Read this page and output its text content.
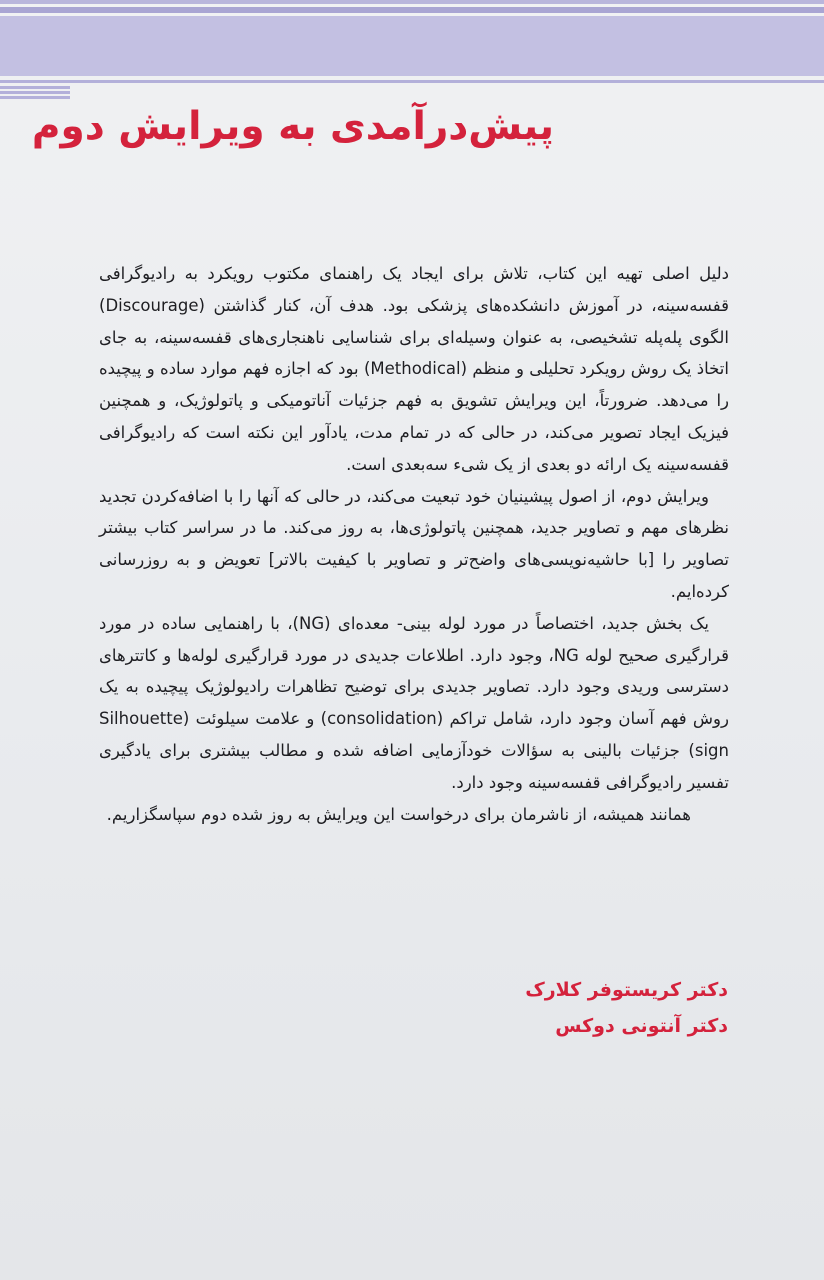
پیش‌درآمدی به ویرایش دوم

دلیل اصلی تهیه این کتاب، تلاش برای ایجاد یک راهنمای مکتوب رویکرد به رادیوگرافی قفسه‌سینه، در آموزش دانشکده‌های پزشکی بود. هدف آن، کنار گذاشتن (Discourage) الگوی پله‌پله تشخیصی، به عنوان وسیله‌ای برای شناسایی ناهنجاری‌های قفسه‌سینه، به جای اتخاذ یک روش رویکرد تحلیلی و منظم (Methodical) بود که اجازه فهم موارد ساده و پیچیده را می‌دهد. ضرورتاً، این ویرایش تشویق به فهم جزئیات آناتومیکی و پاتولوژیک، و همچنین فیزیک ایجاد تصویر می‌کند، در حالی که در تمام مدت، یادآور این نکته است که رادیوگرافی قفسه‌سینه یک ارائه دو بعدی از یک شیء سه‌بعدی است.

ویرایش دوم، از اصول پیشینیان خود تبعیت می‌کند، در حالی که آنها را با اضافه‌کردن تجدید نظرهای مهم و تصاویر جدید، همچنین پاتولوژی‌ها، به روز می‌کند. ما در سراسر کتاب بیشتر تصاویر را [با حاشیه‌نویسی‌های واضح‌تر و تصاویر با کیفیت بالاتر] تعویض و به روزرسانی کرده‌ایم.

یک بخش جدید، اختصاصاً در مورد لوله بینی- معده‌ای (NG)، با راهنمایی ساده در مورد قرارگیری صحیح لوله NG، وجود دارد. اطلاعات جدیدی در مورد قرارگیری لوله‌ها و کاتترهای دسترسی وریدی وجود دارد. تصاویر جدیدی برای توضیح تظاهرات رادیولوژیک پیچیده به یک روش فهم آسان وجود دارد، شامل تراکم (consolidation) و علامت سیلوئت (Silhouette sign) جزئیات بالینی به سؤالات خودآزمایی اضافه شده و مطالب بیشتری برای یادگیری تفسیر رادیوگرافی قفسه‌سینه وجود دارد.

همانند همیشه، از ناشرمان برای درخواست این ویرایش به روز شده دوم سپاسگزاریم.

دکتر کریستوفر کلارک
دکتر آنتونی دوکس
